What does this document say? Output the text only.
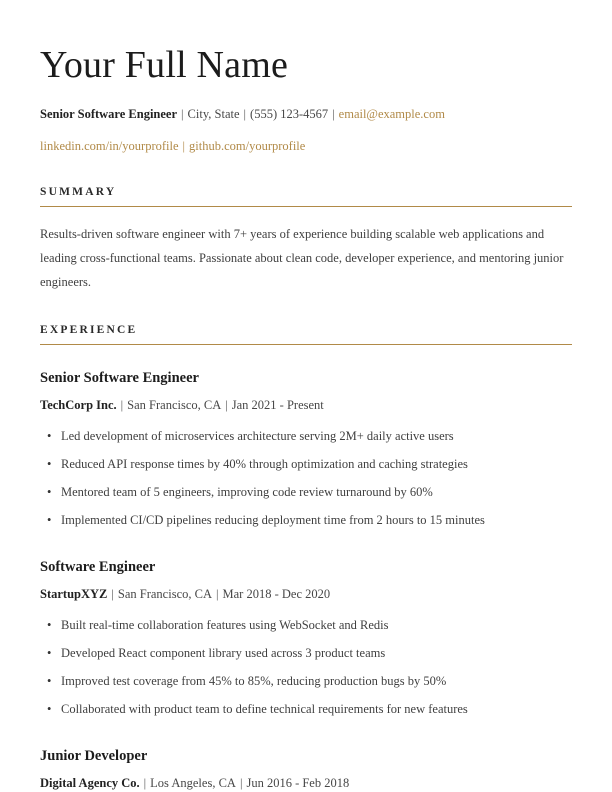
Your Full Name
Senior Software Engineer | City, State | (555) 123-4567 | email@example.com
linkedin.com/in/yourprofile | github.com/yourprofile
SUMMARY

Results-driven software engineer with 7+ years of experience building scalable web applications and leading cross-functional teams. Passionate about clean code, developer experience, and mentoring junior engineers.

EXPERIENCE
Senior Software Engineer
TechCorp Inc. | San Francisco, CA | Jan 2021 - Present
• Led development of microservices architecture serving 2M+ daily active users
• Reduced API response times by 40% through optimization and caching strategies
• Mentored team of 5 engineers, improving code review turnaround by 60%
• Implemented CI/CD pipelines reducing deployment time from 2 hours to 15 minutes
Software Engineer
StartupXYZ | San Francisco, CA | Mar 2018 - Dec 2020
• Built real-time collaboration features using WebSocket and Redis
• Developed React component library used across 3 product teams
• Improved test coverage from 45% to 85%, reducing production bugs by 50%
• Collaborated with product team to define technical requirements for new features
Junior Developer
Digital Agency Co. | Los Angeles, CA | Jun 2016 - Feb 2018
